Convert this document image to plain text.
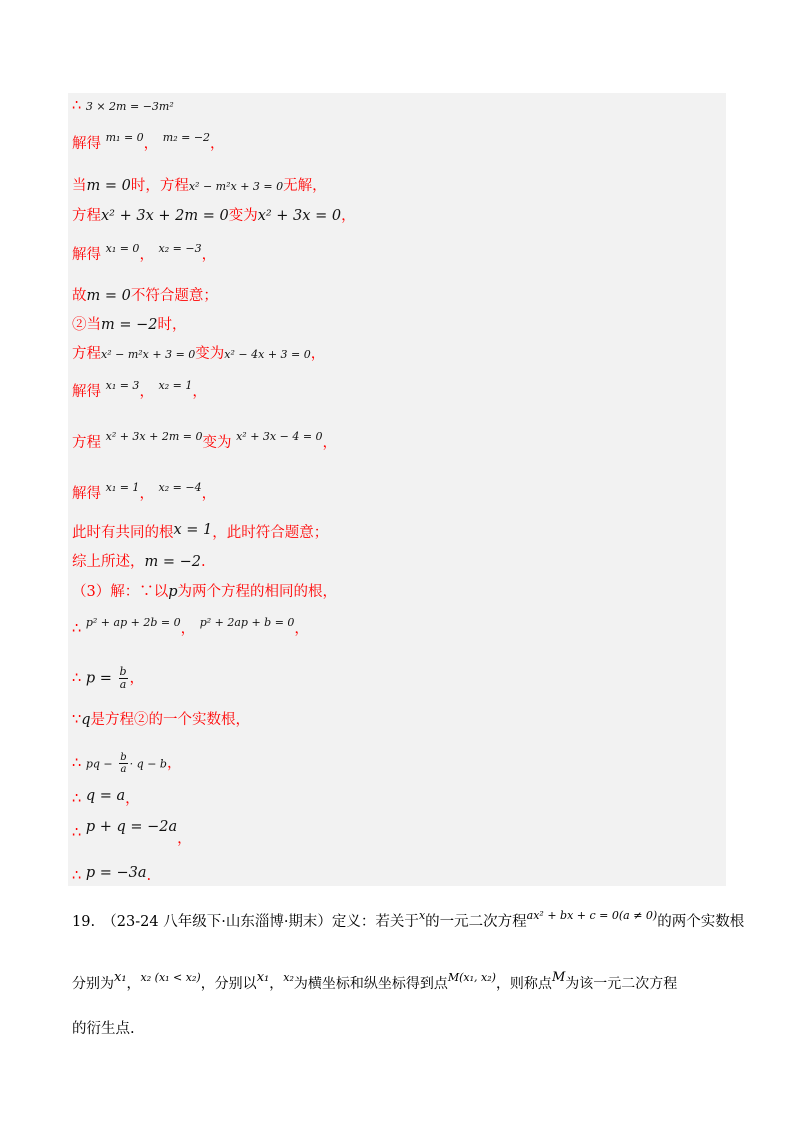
∴ 3 × 2m = −3m²
解得 $^{m_1 = 0}$， $^{m_2 = -2}$，
当m = 0时，方程x² − m²x + 3 = 0无解，
方程x² + 3x + 2m = 0变为x² + 3x = 0，
解得 $^{x_1 = 0}$， $^{x_2 = -3}$，
故m = 0不符合题意；
②当m = −2时，
方程x² − m²x + 3 = 0变为x² − 4x + 3 = 0，
解得 $^{x_1 = 3}$， $^{x_2 = 1}$，
方程 $^{x^2 + 3x + 2m = 0}$变为 $^{x^2 + 3x - 4 = 0}$，
解得 $^{x_1 = 1}$， $^{x_2 = -4}$，
此时有共同的根x = 1，此时符合题意；
综上所述，m = −2.
（3）解：∵以p为两个方程的相同的根，
∴ $^{p^2 + ap + 2b = 0}$， $^{p^2 + 2ap + b = 0}$，
∴ $p = \frac{b}{a}$ ，
∵q是方程②的一个实数根，
∴ pq − $\frac{b}{a} \cdot q - b$，
∴ q = a，
∴ p + q = −2a，
∴ p = −3a.
19.　（23-24 八年级下·山东淄博·期末）定义：若关于$^x$的一元二次方程$^{ax^2 + bx + c = 0(a \ne 0)}$的两个实数根
分别为x₁，$^{x_2 (x_1 < x_2)}$，分别以x₁，$^{x_2}$为横坐标和纵坐标得到点$^{M(x_1, x_2)}$，则称点M为该一元二次方程
的衍生点.
